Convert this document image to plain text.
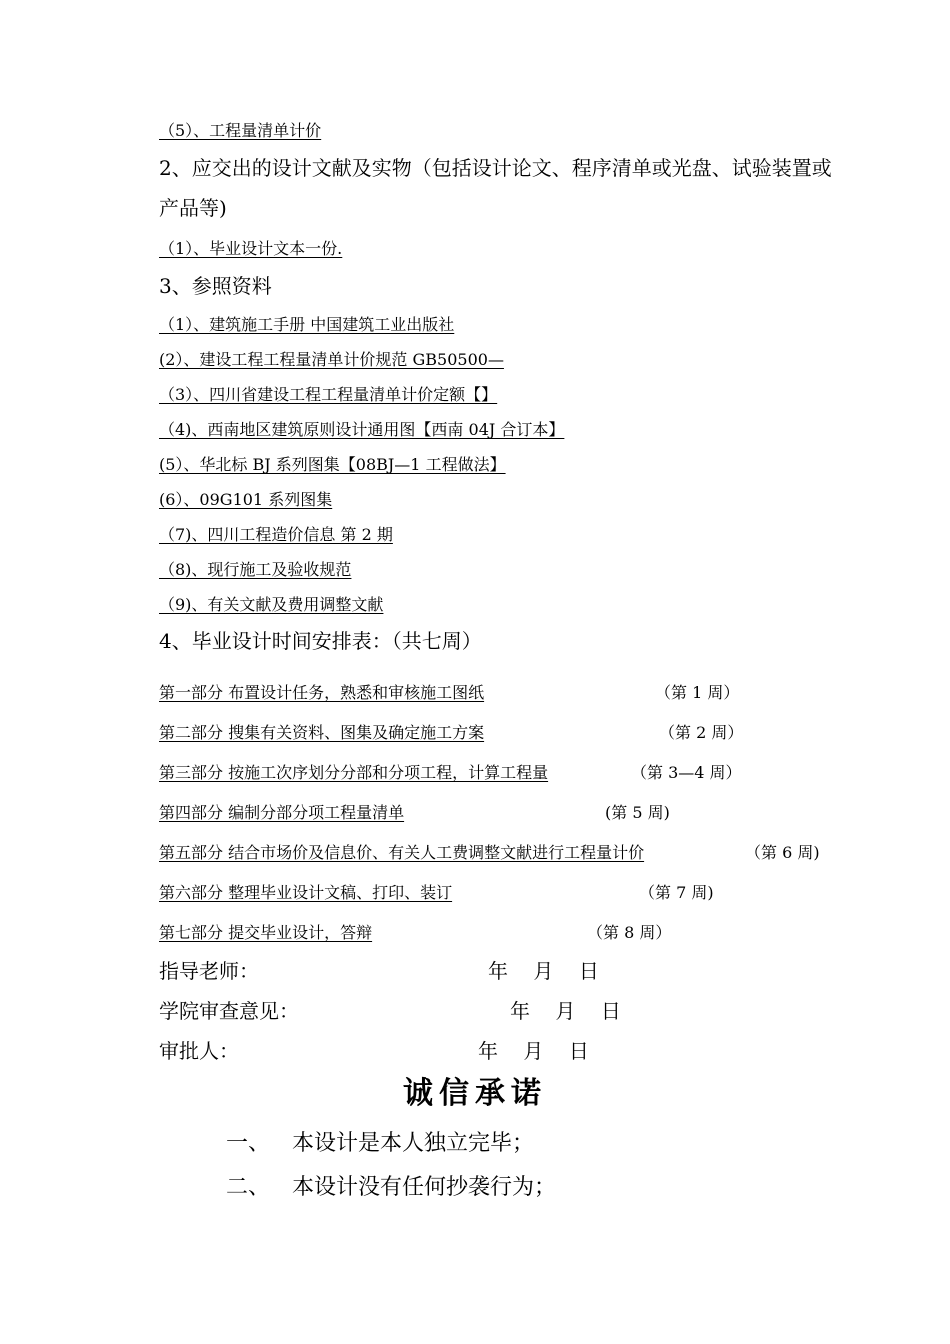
（5）、工程量清单计价
2、应交出的设计文献及实物（包括设计论文、程序清单或光盘、试验装置或产品等)
（1）、毕业设计文本一份.
3、参照资料
（1）、建筑施工手册 中国建筑工业出版社
(2）、建设工程工程量清单计价规范 GB50500—
（3）、四川省建设工程工程量清单计价定额【】
（4)、西南地区建筑原则设计通用图【西南 04J 合订本】
(5）、华北标 BJ 系列图集【08BJ—1 工程做法】
(6）、09G101 系列图集
（7)、四川工程造价信息 第 2 期
（8)、现行施工及验收规范
（9)、有关文献及费用调整文献
4、毕业设计时间安排表：（共七周）
第一部分 布置设计任务，熟悉和审核施工图纸	（第 1 周）
第二部分 搜集有关资料、图集及确定施工方案	（第 2 周）
第三部分 按施工次序划分分部和分项工程，计算工程量	（第 3—4 周）
第四部分 编制分部分项工程量清单	(第 5 周)
第五部分 结合市场价及信息价、有关人工费调整文献进行工程量计价	（第 6 周)
第六部分 整理毕业设计文稿、打印、装订	（第 7 周)
第七部分 提交毕业设计，答辩	（第 8 周）
指导老师：	年    月    日
学院审查意见：	年    月    日
审批人：	年    月    日
诚信承诺
一、 本设计是本人独立完毕；
二、 本设计没有任何抄袭行为；
